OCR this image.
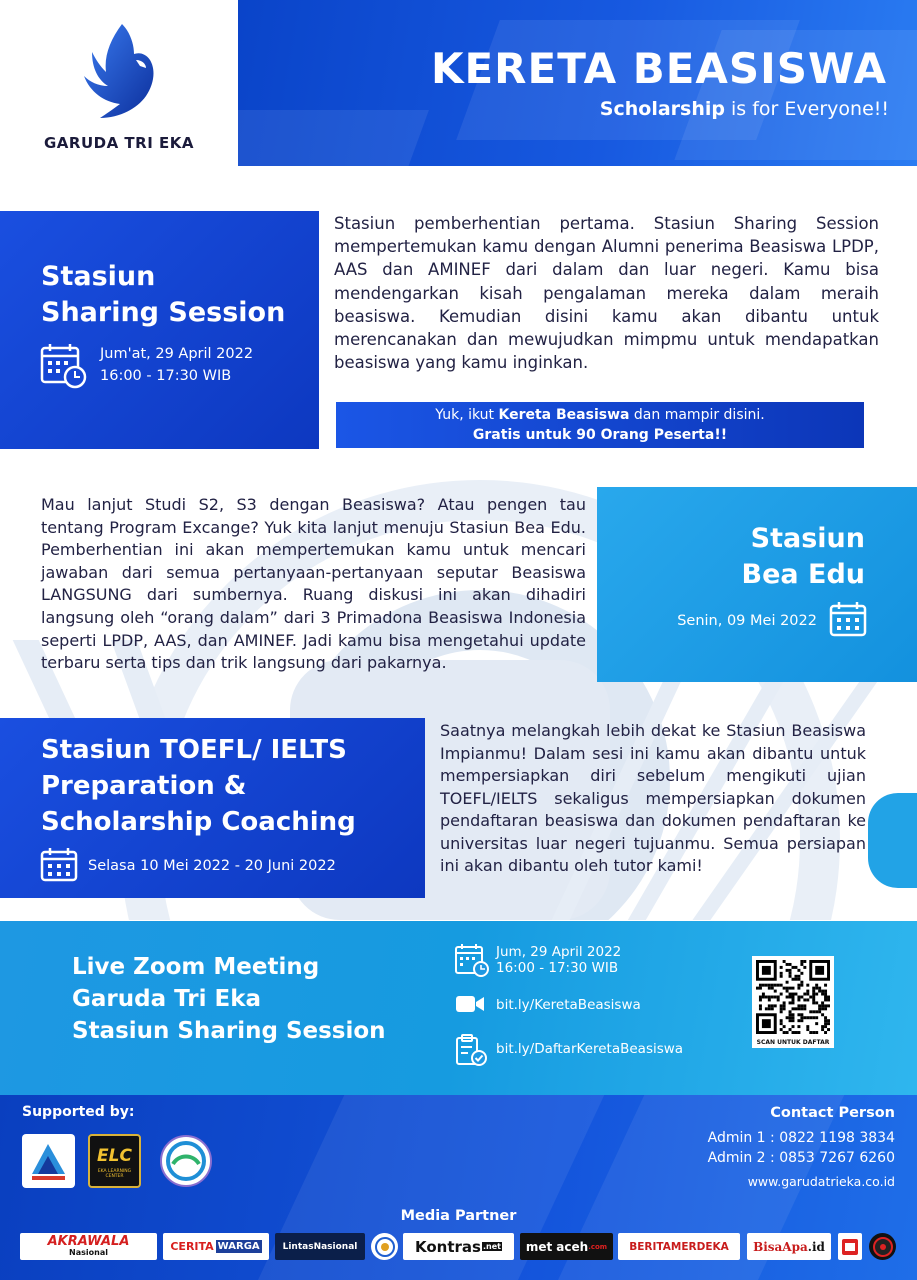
GARUDA TRI EKA
KERETA BEASISWA
Scholarship is for Everyone!!
Stasiun
Sharing Session
Jum'at, 29 April 2022
16:00 - 17:30 WIB
Stasiun pemberhentian pertama. Stasiun Sharing Session mempertemukan kamu dengan Alumni penerima Beasiswa LPDP, AAS dan AMINEF dari dalam dan luar negeri. Kamu bisa mendengarkan kisah pengalaman mereka dalam meraih beasiswa. Kemudian disini kamu akan dibantu untuk merencanakan dan mewujudkan mimpmu untuk mendapatkan beasiswa yang kamu inginkan.
Yuk, ikut Kereta Beasiswa dan mampir disini.
Gratis untuk 90 Orang Peserta!!
Mau lanjut Studi S2, S3 dengan Beasiswa? Atau pengen tau tentang Program Excange? Yuk kita lanjut menuju Stasiun Bea Edu. Pemberhentian ini akan mempertemukan kamu untuk mencari jawaban dari semua pertanyaan-pertanyaan seputar Beasiswa LANGSUNG dari sumbernya. Ruang diskusi ini akan dihadiri langsung oleh “orang dalam” dari 3 Primadona Beasiswa Indonesia seperti LPDP, AAS, dan AMINEF. Jadi kamu bisa mengetahui update terbaru serta tips dan trik langsung dari pakarnya.
Stasiun
Bea Edu
Senin, 09 Mei 2022
Stasiun TOEFL/ IELTS
Preparation &
Scholarship Coaching
Selasa 10 Mei 2022 - 20 Juni 2022
Saatnya melangkah lebih dekat ke Stasiun Beasiswa Impianmu! Dalam sesi ini kamu akan dibantu untuk mempersiapkan diri sebelum mengikuti ujian TOEFL/IELTS sekaligus mempersiapkan dokumen pendaftaran beasiswa dan dokumen pendaftaran ke universitas luar negeri tujuanmu. Semua persiapan ini akan dibantu oleh tutor kami!
Live Zoom Meeting
Garuda Tri Eka
Stasiun Sharing Session
Jum, 29 April 2022
16:00 - 17:30 WIB
bit.ly/KeretaBeasiswa
bit.ly/DaftarKeretaBeasiswa	SCAN UNTUK DAFTAR
Supported by:
ELC
EKA LEARNING CENTER
Contact Person
Admin 1 : 0822 1198 3834
Admin 2 : 0853 7267 6260
www.garudatrieka.co.id
Media Partner
AKRAWALA
Nasional	CERITA WARGA	LintasNasional	Kontras .net met aceh .com BERITAMERDEKA BisaApa .id
